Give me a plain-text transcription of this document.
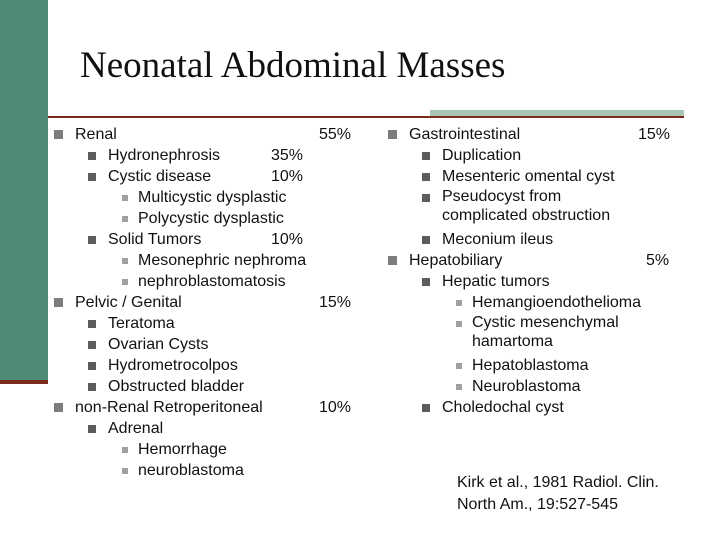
Neonatal Abdominal Masses
Renal	55%
Hydronephrosis	35%
Cystic disease	10%
Multicystic dysplastic
Polycystic dysplastic
Solid Tumors	10%
Mesonephric nephroma
nephroblastomatosis
Pelvic / Genital	15%
Teratoma
Ovarian Cysts
Hydrometrocolpos
Obstructed bladder
non-Renal Retroperitoneal	10%
Adrenal
Hemorrhage
neuroblastoma
Gastrointestinal	15%
Duplication
Mesenteric omental cyst
Pseudocyst from complicated obstruction
Meconium ileus
Hepatobiliary	5%
Hepatic tumors
Hemangioendothelioma
Cystic mesenchymal hamartoma
Hepatoblastoma
Neuroblastoma
Choledochal cyst
Kirk et al., 1981 Radiol. Clin.
North Am., 19:527-545
